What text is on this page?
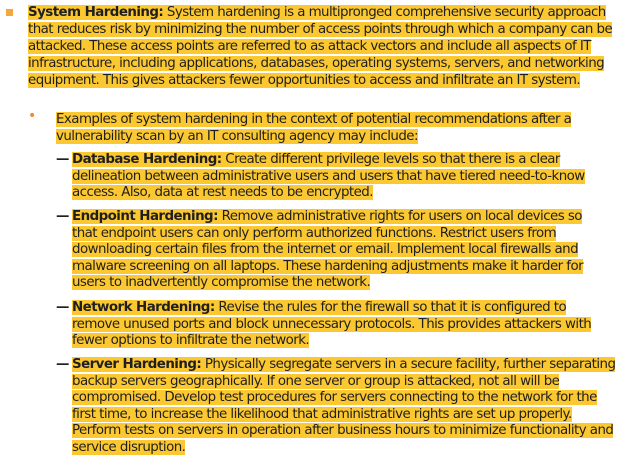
System Hardening: System hardening is a multipronged comprehensive security approach that reduces risk by minimizing the number of access points through which a company can be attacked. These access points are referred to as attack vectors and include all aspects of IT infrastructure, including applications, databases, operating systems, servers, and networking equipment. This gives attackers fewer opportunities to access and infiltrate an IT system.
• Examples of system hardening in the context of potential recommendations after a vulnerability scan by an IT consulting agency may include:
— Database Hardening: Create different privilege levels so that there is a clear delineation between administrative users and users that have tiered need-to-know access. Also, data at rest needs to be encrypted.
— Endpoint Hardening: Remove administrative rights for users on local devices so that endpoint users can only perform authorized functions. Restrict users from downloading certain files from the internet or email. Implement local firewalls and malware screening on all laptops. These hardening adjustments make it harder for users to inadvertently compromise the network.
— Network Hardening: Revise the rules for the firewall so that it is configured to remove unused ports and block unnecessary protocols. This provides attackers with fewer options to infiltrate the network.
— Server Hardening: Physically segregate servers in a secure facility, further separating backup servers geographically. If one server or group is attacked, not all will be compromised. Develop test procedures for servers connecting to the network for the first time, to increase the likelihood that administrative rights are set up properly. Perform tests on servers in operation after business hours to minimize functionality and service disruption.
